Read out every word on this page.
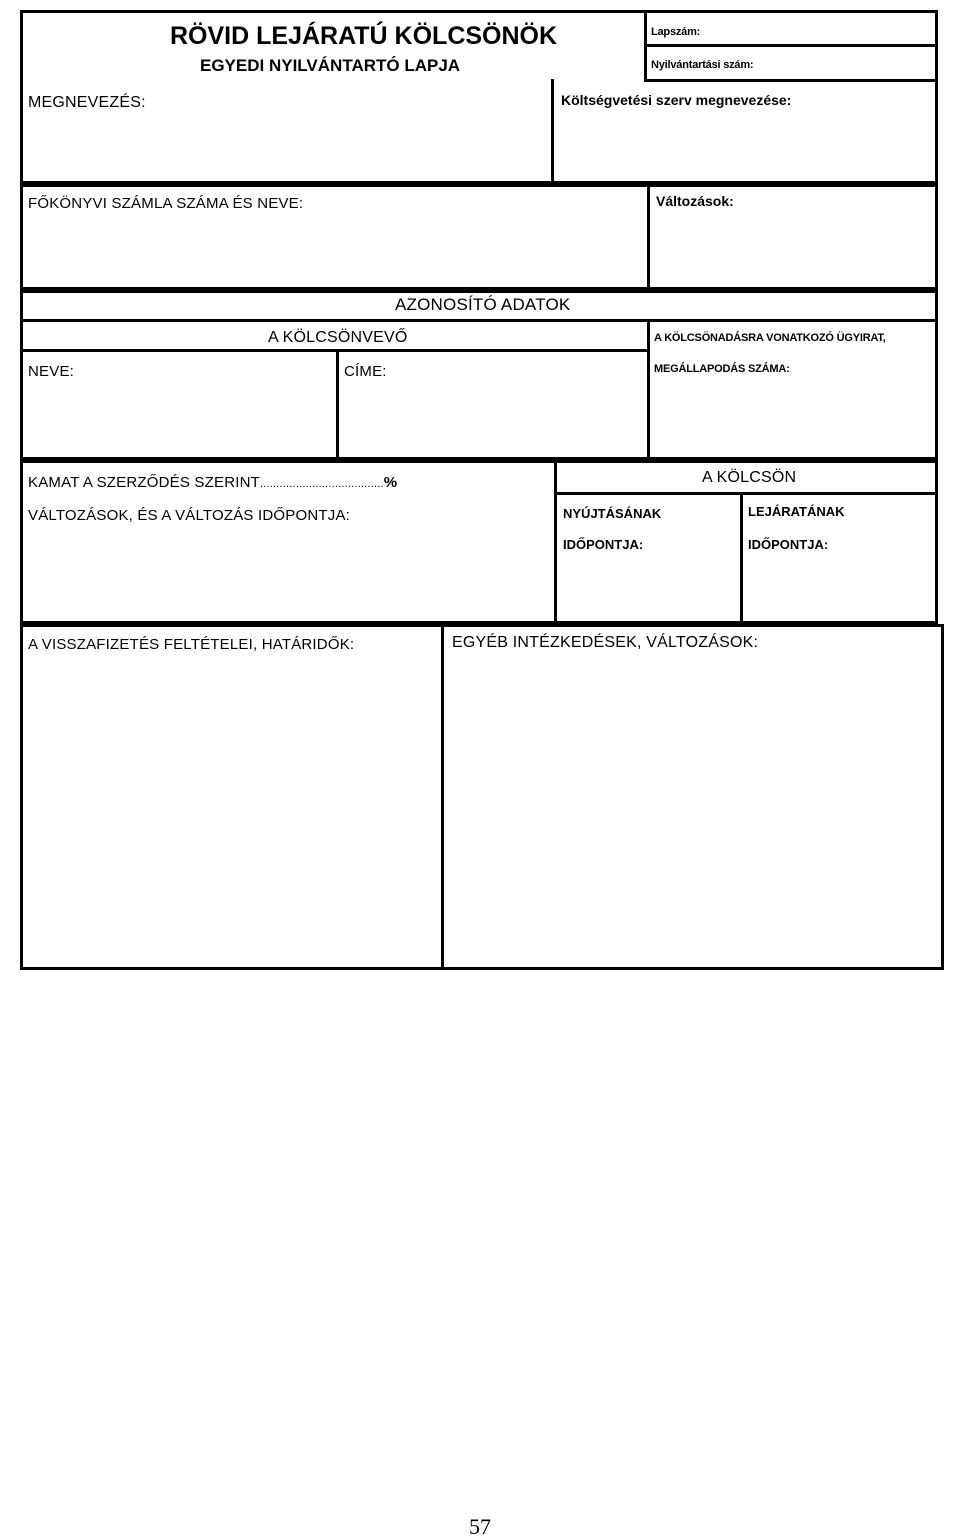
RÖVID LEJÁRATÚ KÖLCSÖNÖK
EGYEDI NYILVÁNTARTÓ LAPJA
Lapszám:
Nyilvántartási szám:
MEGNEVEZÉS:	Költségvetési szerv megnevezése:
FŐKÖNYVI SZÁMLA SZÁMA ÉS NEVE:	Változások:
AZONOSÍTÓ ADATOK
A KÖLCSÖNVEVŐ
NEVE:	CÍME:
A KÖLCSÖNADÁSRA VONATKOZÓ ÜGYIRAT,
MEGÁLLAPODÁS SZÁMA:
KAMAT A SZERZŐDÉS SZERINT......................................%
VÁLTOZÁSOK, ÉS A VÁLTOZÁS IDŐPONTJA:
A KÖLCSÖN
NYÚJTÁSÁNAK
IDŐPONTJA:
LEJÁRATÁNAK
IDŐPONTJA:
A VISSZAFIZETÉS FELTÉTELEI, HATÁRIDŐK:	EGYÉB INTÉZKEDÉSEK, VÁLTOZÁSOK:
57
